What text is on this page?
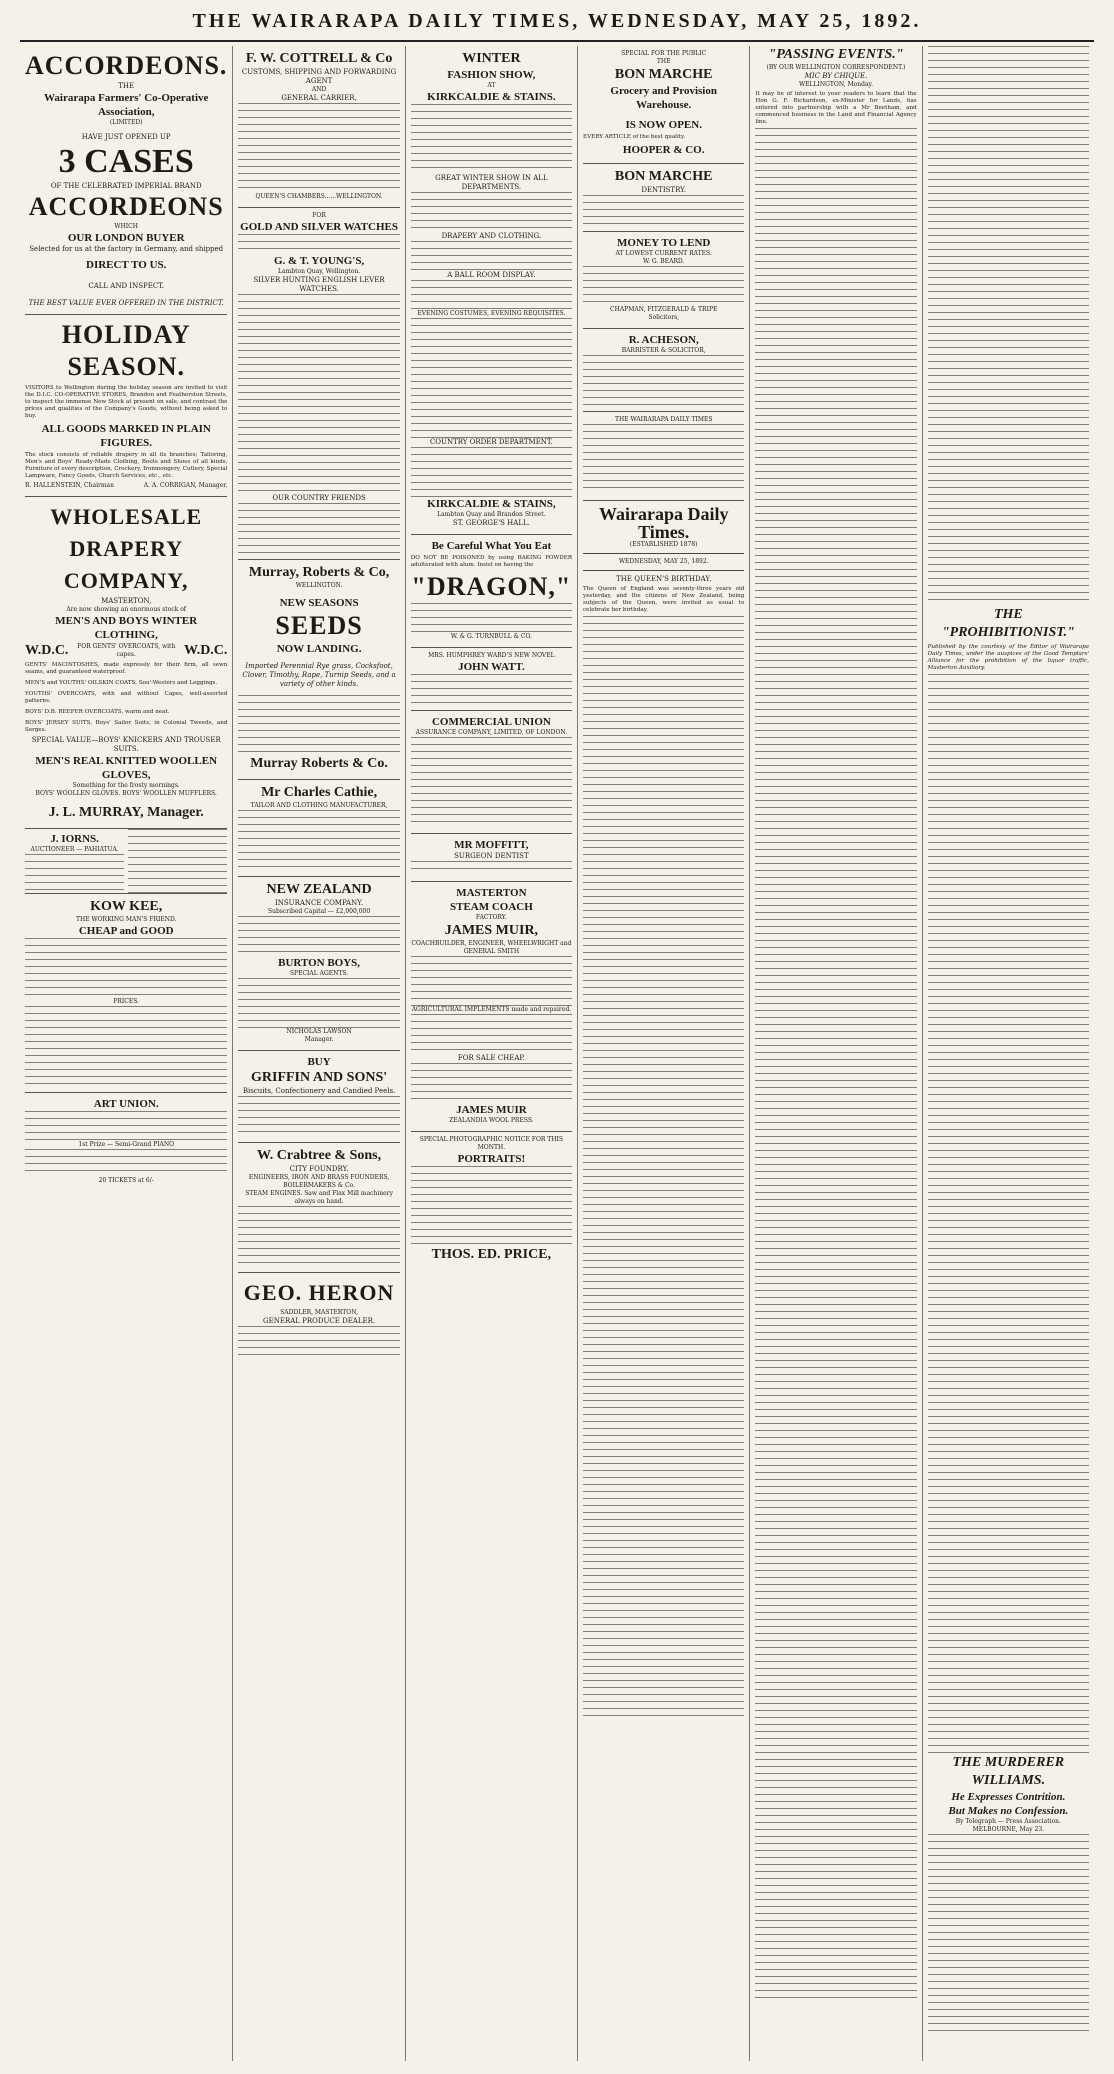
THE WAIRARAPA DAILY TIMES, WEDNESDAY, MAY 25, 1892.
ACCORDEONS.
THE
Wairarapa Farmers' Co-Operative Association,
(LIMITED)
HAVE JUST OPENED UP
3 CASES
OF THE CELEBRATED IMPERIAL BRAND
ACCORDEONS
WHICH
OUR LONDON BUYER
Selected for us at the factory in Germany, and shipped
DIRECT TO US.
CALL AND INSPECT.
THE BEST VALUE EVER OFFERED IN THE DISTRICT.
HOLIDAY SEASON.
VISITORS to Wellington during the holiday season are invited to visit the D.I.C. CO-OPERATIVE STORES, Brandon and Featherston Streets, to inspect the immense New Stock at present on sale, and contrast the prices and qualities of the Company's Goods, without being asked to buy.
ALL GOODS MARKED IN PLAIN FIGURES.
The stock consists of reliable drapery in all its branches; Tailoring, Men's and Boys' Ready-Made Clothing, Boots and Shoes of all kinds, Furniture of every description, Crockery, Ironmongery, Cutlery, Special Lampware, Fancy Goods, Church Services, etc., etc.
R. HALLENSTEIN, Chairman	A. A. CORRIGAN, Manager.
WHOLESALE DRAPERY COMPANY,
MASTERTON,
Are now showing an enormous stock of
MEN'S AND BOYS WINTER CLOTHING,
W.D.C.	FOR GENTS' OVERCOATS, with capes.	W.D.C.
GENTS' MACINTOSHES, made expressly for their firm, all sewn seams, and guaranteed waterproof.
MEN'S and YOUTHS' OILSKIN COATS, Sou'-Westers and Leggings.
YOUTHS' OVERCOATS, with and without Capes, well-assorted patterns.
BOYS' D.B. REEFER OVERCOATS, warm and neat.
BOYS' JERSEY SUITS, Boys' Sailor Suits, in Colonial Tweeds, and Serges.
SPECIAL VALUE—BOYS' KNICKERS AND TROUSER SUITS.
MEN'S REAL KNITTED WOOLLEN GLOVES,
Something for the frosty mornings.
BOYS' WOOLLEN GLOVES. BOYS' WOOLLEN MUFFLERS.
J. L. MURRAY, Manager.
J. IORNS.
AUCTIONEER — PAHIATUA.
KOW KEE,
THE WORKING MAN'S FRIEND.
CHEAP and GOOD
PRICES.
ART UNION.
1st Prize — Semi-Grand PIANO
20 TICKETS at 6/-
F. W. COTTRELL & Co
CUSTOMS, SHIPPING AND FORWARDING AGENT
AND
GENERAL CARRIER,
QUEEN'S CHAMBERS......WELLINGTON.
FOR
GOLD AND SILVER WATCHES
G. & T. YOUNG'S,
Lambton Quay, Wellington.
SILVER HUNTING ENGLISH LEVER WATCHES.
OUR COUNTRY FRIENDS
Murray, Roberts & Co,
WELLINGTON.
NEW SEASONS
SEEDS
NOW LANDING.
Imported Perennial Rye grass, Cocksfoot, Clover, Timothy, Rape, Turnip Seeds, and a variety of other kinds.
Murray Roberts & Co.
Mr Charles Cathie,
TAILOR AND CLOTHING MANUFACTURER,
NEW ZEALAND
INSURANCE COMPANY.
Subscribed Capital — £2,000,000
BURTON BOYS,
SPECIAL AGENTS.
NICHOLAS LAWSON
Manager.
BUY
GRIFFIN AND SONS'
Biscuits, Confectionery and Candied Peels.
W. Crabtree & Sons,
CITY FOUNDRY.
ENGINEERS, IRON AND BRASS FOUNDERS, BOILERMAKERS & Co.
STEAM ENGINES. Saw and Flax Mill machinery always on hand.
GEO. HERON
SADDLER, MASTERTON,
GENERAL PRODUCE DEALER.
WINTER
FASHION SHOW,
AT
KIRKCALDIE & STAINS.
GREAT WINTER SHOW IN ALL DEPARTMENTS.
DRAPERY AND CLOTHING.
A BALL ROOM DISPLAY.
EVENING COSTUMES, EVENING REQUISITES.
COUNTRY ORDER DEPARTMENT.
KIRKCALDIE & STAINS,
Lambton Quay and Brandon Street.
ST. GEORGE'S HALL.
Be Careful What You Eat
DO NOT BE POISONED by using BAKING POWDER adulterated with alum. Insist on having the
"DRAGON,"
W. & G. TURNBULL & CO.
MRS. HUMPHREY WARD'S NEW NOVEL
JOHN WATT.
COMMERCIAL UNION
ASSURANCE COMPANY, LIMITED, OF LONDON.
MR MOFFITT,
SURGEON DENTIST
MASTERTON
STEAM COACH
FACTORY.
JAMES MUIR,
COACHBUILDER, ENGINEER, WHEELWRIGHT and GENERAL SMITH
AGRICULTURAL IMPLEMENTS made and repaired.
FOR SALE CHEAP.
JAMES MUIR
ZEALANDIA WOOL PRESS.
SPECIAL PHOTOGRAPHIC NOTICE FOR THIS MONTH.
PORTRAITS!
THOS. ED. PRICE,
SPECIAL FOR THE PUBLIC
THE
BON MARCHE
Grocery and Provision Warehouse.
IS NOW OPEN.
EVERY ARTICLE of the best quality.
HOOPER & CO.
BON MARCHE
DENTISTRY.
MONEY TO LEND
AT LOWEST CURRENT RATES.
W. G. BEARD.
CHAPMAN, FITZGERALD & TRIPE
Solicitors,
R. ACHESON,
BARRISTER & SOLICITOR,
THE WAIRARAPA DAILY TIMES
Wairarapa Daily Times.
(ESTABLISHED 1878)
WEDNESDAY, MAY 25, 1892.
THE QUEEN'S BIRTHDAY.
The Queen of England was seventy-three years old yesterday, and the citizens of New Zealand, being subjects of the Queen, were invited as usual to celebrate her birthday.
"PASSING EVENTS."
(BY OUR WELLINGTON CORRESPONDENT.)
MIC BY CHIQUE.
WELLINGTON, Monday.
It may be of interest to your readers to learn that the Hon G. F. Richardson, ex-Minister for Lands, has entered into partnership with a Mr Beetham, and commenced business in the Land and Financial Agency line.
THE "PROHIBITIONIST."
Published by the courtesy of the Editor of Wairarapa Daily Times, under the auspices of the Good Templars' Alliance for the prohibition of the liquor traffic, Masterton Auxiliary.
THE MURDERER WILLIAMS.
He Expresses Contrition.
But Makes no Confession.
By Telegraph — Press Association.
MELBOURNE, May 23.
